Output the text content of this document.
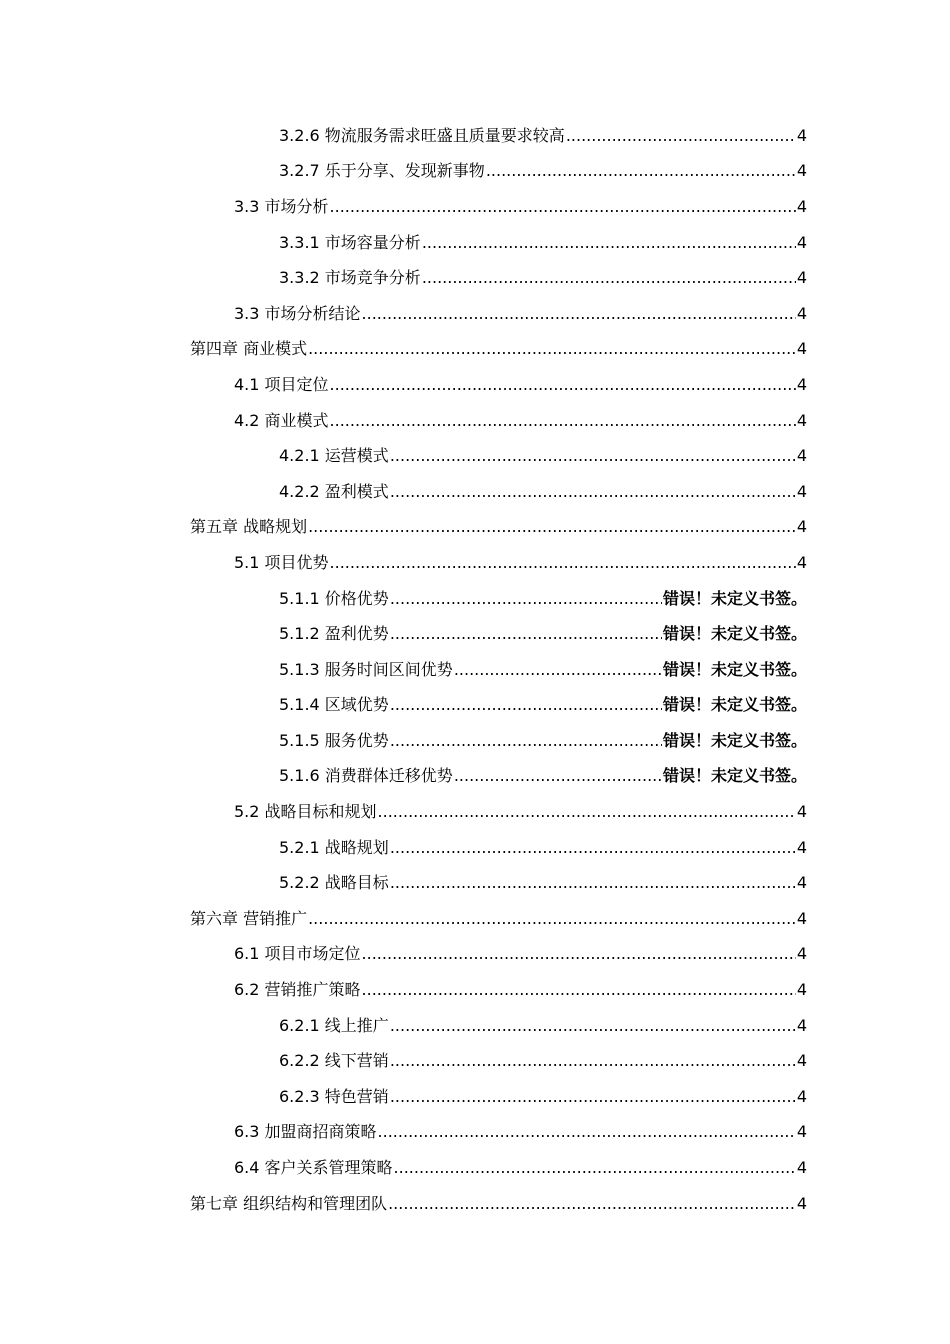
3.2.6 物流服务需求旺盛且质量要求较高 .....	4
3.2.7 乐于分享、发现新事物 .....	4
3.3 市场分析 .....	4
3.3.1 市场容量分析 .....	4
3.3.2 市场竞争分析 .....	4
3.3 市场分析结论 .....	4
第四章 商业模式 .....	4
4.1 项目定位 .....	4
4.2 商业模式 .....	4
4.2.1 运营模式 .....	4
4.2.2 盈利模式 .....	4
第五章 战略规划 .....	4
5.1 项目优势 .....	4
5.1.1 价格优势 .....	错误！未定义书签。
5.1.2 盈利优势 .....	错误！未定义书签。
5.1.3 服务时间区间优势 .....	错误！未定义书签。
5.1.4 区域优势 .....	错误！未定义书签。
5.1.5 服务优势 .....	错误！未定义书签。
5.1.6 消费群体迁移优势 .....	错误！未定义书签。
5.2 战略目标和规划 .....	4
5.2.1 战略规划 .....	4
5.2.2 战略目标 .....	4
第六章 营销推广 .....	4
6.1 项目市场定位 .....	4
6.2 营销推广策略 .....	4
6.2.1 线上推广 .....	4
6.2.2 线下营销 .....	4
6.2.3 特色营销 .....	4
6.3 加盟商招商策略 .....	4
6.4 客户关系管理策略 .....	4
第七章 组织结构和管理团队 .....	4
